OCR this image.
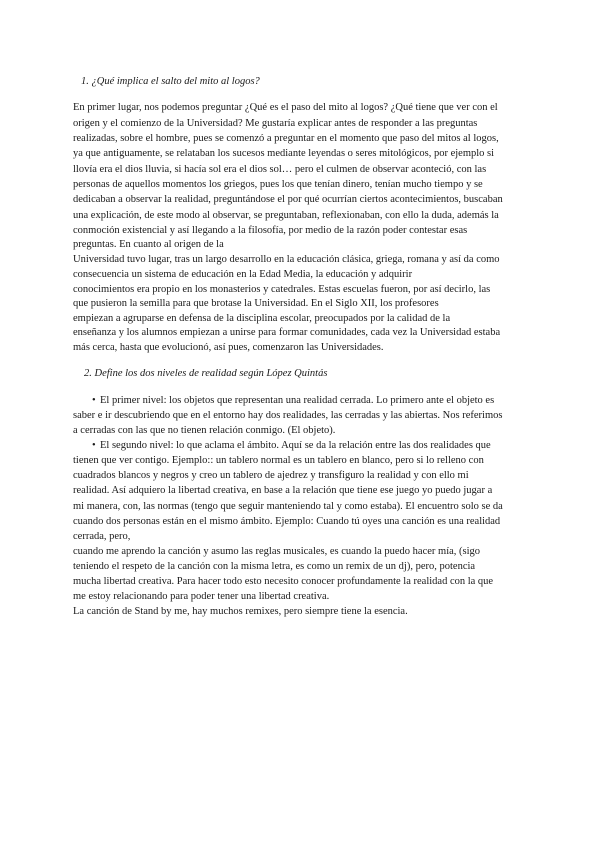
1. ¿Qué implica el salto del mito al logos?
En primer lugar, nos podemos preguntar ¿Qué es el paso del mito al logos? ¿Qué tiene que ver con el
origen y el comienzo de la Universidad? Me gustaría explicar antes de responder a las preguntas
realizadas, sobre el hombre, pues se comenzó a preguntar en el momento que paso del mitos al logos,
ya que antiguamente, se relataban los sucesos mediante leyendas o seres mitológicos, por ejemplo si
llovía era el dios lluvia, si hacía sol era el dios sol… pero el culmen de observar aconteció, con las
personas de aquellos momentos los griegos, pues los que tenían dinero, tenían mucho tiempo y se
dedicaban a observar la realidad, preguntándose el por qué ocurrían ciertos acontecimientos, buscaban
una explicación, de este modo al observar, se preguntaban, reflexionaban, con ello la duda, además la
conmoción existencial y así llegando a la filosofía, por medio de la razón poder contestar esas
preguntas. En cuanto al origen de la
Universidad tuvo lugar, tras un largo desarrollo en la educación clásica, griega, romana y así da como
consecuencia un sistema de educación en la Edad Media, la educación y adquirir
conocimientos era propio en los monasterios y catedrales. Estas escuelas fueron, por así decirlo, las
que pusieron la semilla para que brotase la Universidad. En el Siglo XII, los profesores
empiezan a agruparse en defensa de la disciplina escolar, preocupados por la calidad de la
enseñanza y los alumnos empiezan a unirse para formar comunidades, cada vez la Universidad estaba
más cerca, hasta que evolucionó, así pues, comenzaron las Universidades.
2. Define los dos niveles de realidad según López Quintás
• El primer nivel: los objetos que representan una realidad cerrada. Lo primero ante el objeto es
saber e ir descubriendo que en el entorno hay dos realidades, las cerradas y las abiertas. Nos referimos
a cerradas con las que no tienen relación conmigo. (El objeto).
• El segundo nivel: lo que aclama el ámbito. Aquí se da la relación entre las dos realidades que
tienen que ver contigo. Ejemplo:: un tablero normal es un tablero en blanco, pero si lo relleno con
cuadrados blancos y negros y creo un tablero de ajedrez y transfiguro la realidad y con ello mi
realidad. Así adquiero la libertad creativa, en base a la relación que tiene ese juego yo puedo jugar a
mi manera, con, las normas (tengo que seguir manteniendo tal y como estaba). El encuentro solo se da
cuando dos personas están en el mismo ámbito. Ejemplo: Cuando tú oyes una canción es una realidad
cerrada, pero,
cuando me aprendo la canción y asumo las reglas musicales, es cuando la puedo hacer mía, (sigo
teniendo el respeto de la canción con la misma letra, es como un remix de un dj), pero, potencia
mucha libertad creativa. Para hacer todo esto necesito conocer profundamente la realidad con la que
me estoy relacionando para poder tener una libertad creativa.
La canción de Stand by me, hay muchos remixes, pero siempre tiene la esencia.
